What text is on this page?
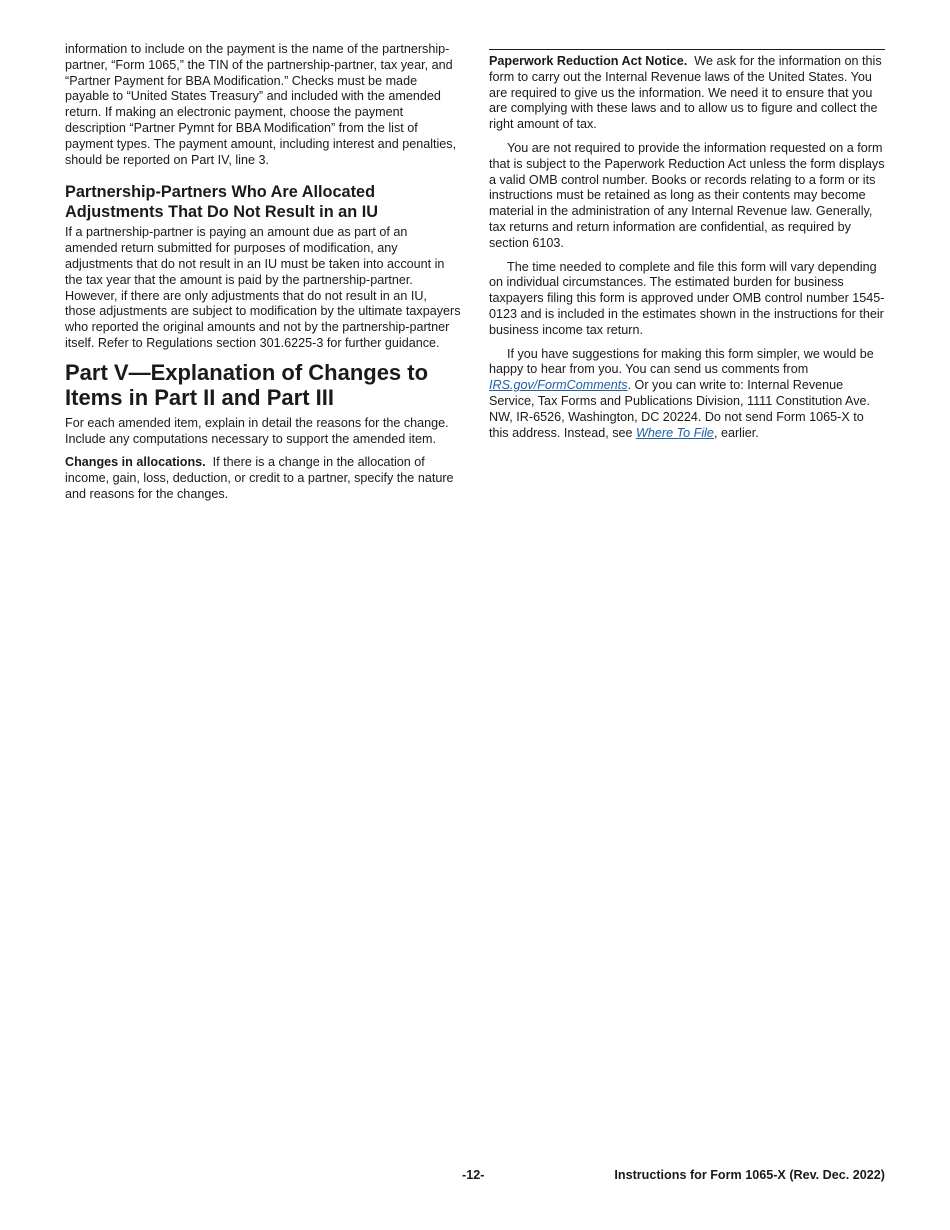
information to include on the payment is the name of the partnership-partner, “Form 1065,” the TIN of the partnership-partner, tax year, and “Partner Payment for BBA Modification.” Checks must be made payable to “United States Treasury” and included with the amended return. If making an electronic payment, choose the payment description “Partner Pymnt for BBA Modification” from the list of payment types. The payment amount, including interest and penalties, should be reported on Part IV, line 3.

Partnership-Partners Who Are Allocated Adjustments That Do Not Result in an IU

If a partnership-partner is paying an amount due as part of an amended return submitted for purposes of modification, any adjustments that do not result in an IU must be taken into account in the tax year that the amount is paid by the partnership-partner. However, if there are only adjustments that do not result in an IU, those adjustments are subject to modification by the ultimate taxpayers who reported the original amounts and not by the partnership-partner itself. Refer to Regulations section 301.6225-3 for further guidance.

Part V—Explanation of Changes to Items in Part II and Part III

For each amended item, explain in detail the reasons for the change. Include any computations necessary to support the amended item.

Changes in allocations. If there is a change in the allocation of income, gain, loss, deduction, or credit to a partner, specify the nature and reasons for the changes.

Paperwork Reduction Act Notice. We ask for the information on this form to carry out the Internal Revenue laws of the United States. You are required to give us the information. We need it to ensure that you are complying with these laws and to allow us to figure and collect the right amount of tax.

You are not required to provide the information requested on a form that is subject to the Paperwork Reduction Act unless the form displays a valid OMB control number. Books or records relating to a form or its instructions must be retained as long as their contents may become material in the administration of any Internal Revenue law. Generally, tax returns and return information are confidential, as required by section 6103.

The time needed to complete and file this form will vary depending on individual circumstances. The estimated burden for business taxpayers filing this form is approved under OMB control number 1545-0123 and is included in the estimates shown in the instructions for their business income tax return.

If you have suggestions for making this form simpler, we would be happy to hear from you. You can send us comments from IRS.gov/FormComments. Or you can write to: Internal Revenue Service, Tax Forms and Publications Division, 1111 Constitution Ave. NW, IR-6526, Washington, DC 20224. Do not send Form 1065-X to this address. Instead, see Where To File, earlier.

-12-	Instructions for Form 1065-X (Rev. Dec. 2022)
